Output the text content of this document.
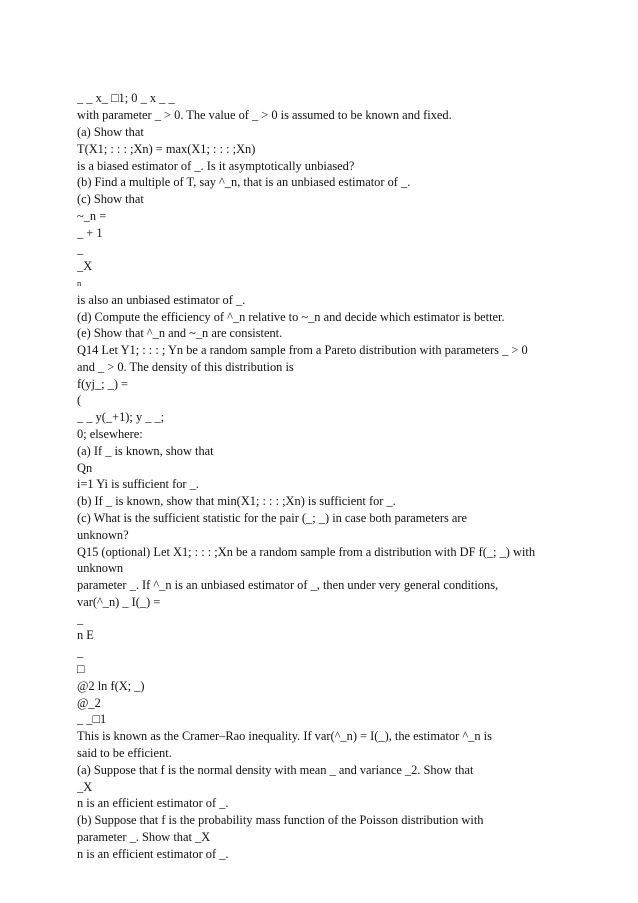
_ _ x_ □1; 0 _ x _ _
with parameter _ > 0. The value of _ > 0 is assumed to be known and fixed.
(a) Show that
T(X1; : : : ;Xn) = max(X1; : : : ;Xn)
is a biased estimator of _. Is it asymptotically unbiased?
(b) Find a multiple of T, say ^_n, that is an unbiased estimator of _.
(c) Show that
~_n =
_ + 1
_
_X
n
is also an unbiased estimator of _.
(d) Compute the efficiency of ^_n relative to ~_n and decide which estimator is better.
(e) Show that ^_n and ~_n are consistent.
Q14 Let Y1; : : : ; Yn be a random sample from a Pareto distribution with parameters _ > 0
and _ > 0. The density of this distribution is
f(yj_; _) =
(
_ _ y(_+1); y _ _;
0; elsewhere:
(a) If _ is known, show that
Qn
i=1 Yi is sufficient for _.
(b) If _ is known, show that min(X1; : : : ;Xn) is sufficient for _.
(c) What is the sufficient statistic for the pair (_; _) in case both parameters are
unknown?
Q15 (optional) Let X1; : : : ;Xn be a random sample from a distribution with DF f(_; _) with
unknown
parameter _. If ^_n is an unbiased estimator of _, then under very general conditions,
var(^_n) _ I(_) =
_
n E
_
□
@2 ln f(X; _)
@_2
_ _□1
This is known as the Cramer–Rao inequality. If var(^_n) = I(_), the estimator ^_n is
said to be efficient.
(a) Suppose that f is the normal density with mean _ and variance _2. Show that
_X
n is an efficient estimator of _.
(b) Suppose that f is the probability mass function of the Poisson distribution with
parameter _. Show that _X
n is an efficient estimator of _.
